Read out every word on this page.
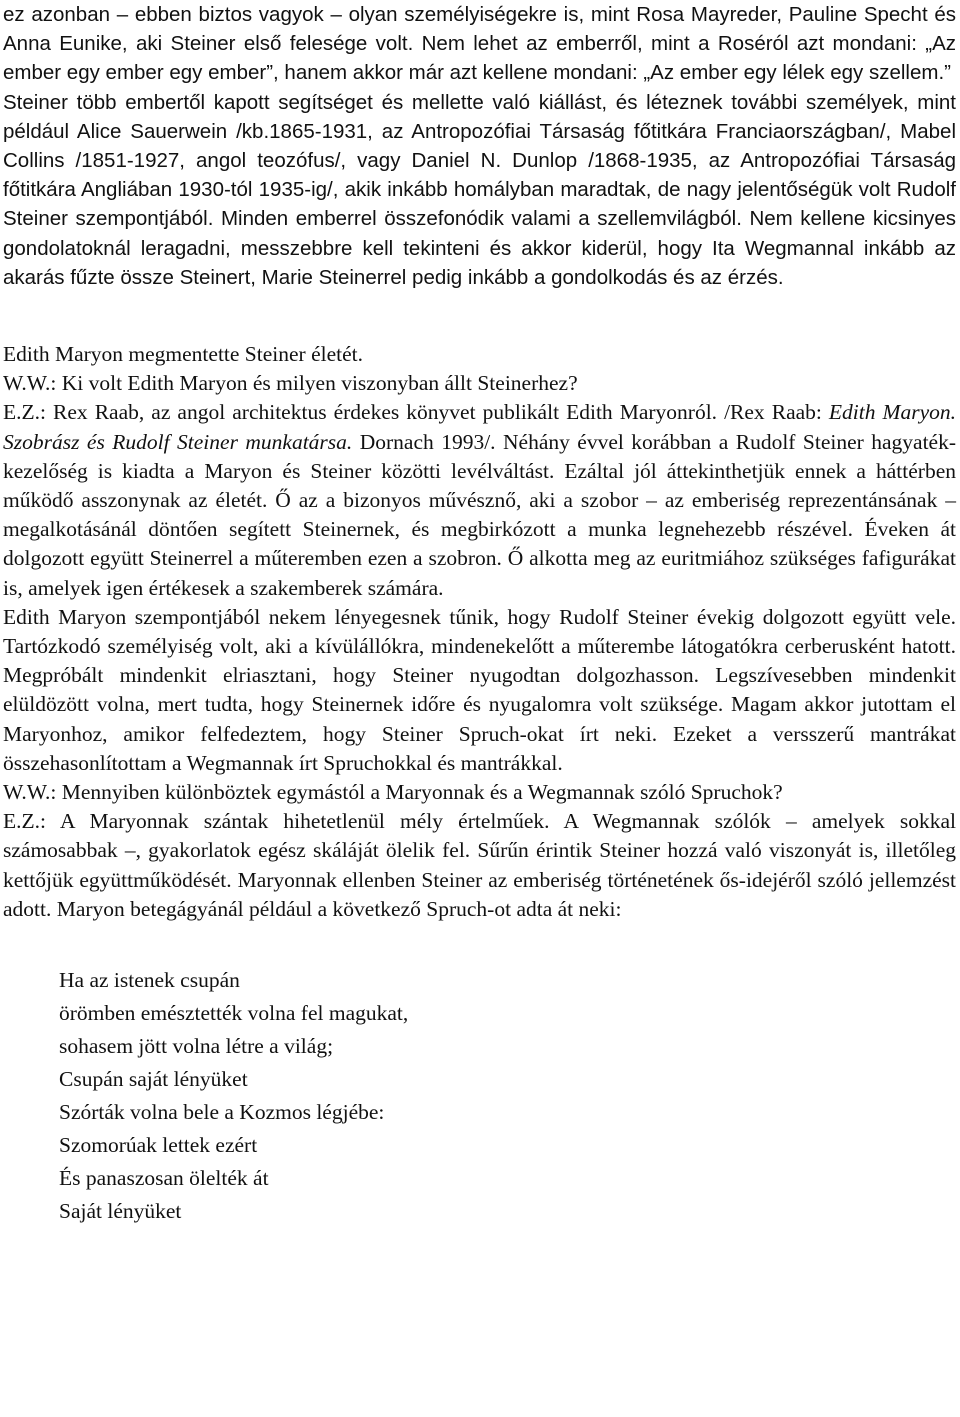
ez azonban – ebben biztos vagyok – olyan személyiségekre is, mint Rosa Mayreder, Pauline Specht és Anna Eunike, aki Steiner első felesége volt. Nem lehet az emberről, mint a Roséról azt mondani: „Az ember egy ember egy ember”, hanem akkor már azt kellene mondani: „Az ember egy lélek egy szellem.”

Steiner több embertől kapott segítséget és mellette való kiállást, és léteznek további személyek, mint például Alice Sauerwein /kb.1865-1931, az Antropozófiai Társaság főtitkára Franciaországban/, Mabel Collins /1851-1927, angol teozófus/, vagy Daniel N. Dunlop /1868-1935, az Antropozófiai Társaság főtitkára Angliában 1930-tól 1935-ig/, akik inkább homályban maradtak, de nagy jelentőségük volt Rudolf Steiner szempontjából. Minden emberrel összefonódik valami a szellemvilágból. Nem kellene kicsinyes gondolatoknál leragadni, messzebbre kell tekinteni és akkor kiderül, hogy Ita Wegmannal inkább az akarás fűzte össze Steinert, Marie Steinerrel pedig inkább a gondolkodás és az érzés.

Edith Maryon megmentette Steiner életét.

W.W.: Ki volt Edith Maryon és milyen viszonyban állt Steinerhez?

E.Z.: Rex Raab, az angol architektus érdekes könyvet publikált Edith Maryonról. /Rex Raab: Edith Maryon. Szobrász és Rudolf Steiner munkatársa. Dornach 1993/. Néhány évvel korábban a Rudolf Steiner hagyaték-kezelőség is kiadta a Maryon és Steiner közötti levélváltást. Ezáltal jól áttekinthetjük ennek a háttérben működő asszonynak az életét. Ő az a bizonyos művésznő, aki a szobor – az emberiség reprezentánsának – megalkotásánál döntően segített Steinernek, és megbirkózott a munka legnehezebb részével. Éveken át dolgozott együtt Steinerrel a műteremben ezen a szobron. Ő alkotta meg az euritmiához szükséges fafigurákat is, amelyek igen értékesek a szakemberek számára.

Edith Maryon szempontjából nekem lényegesnek tűnik, hogy Rudolf Steiner évekig dolgozott együtt vele. Tartózkodó személyiség volt, aki a kívülállókra, mindenekelőtt a műterembe látogatókra cerberusként hatott. Megpróbált mindenkit elriasztani, hogy Steiner nyugodtan dolgozhasson. Legszívesebben mindenkit elüldözött volna, mert tudta, hogy Steinernek időre és nyugalomra volt szüksége. Magam akkor jutottam el Maryonhoz, amikor felfedeztem, hogy Steiner Spruch-okat írt neki. Ezeket a versszerű mantrákat összehasonlítottam a Wegmannak írt Spruchokkal és mantrákkal.

W.W.: Mennyiben különböztek egymástól a Maryonnak és a Wegmannak szóló Spruchok?

E.Z.: A Maryonnak szántak hihetetlenül mély értelműek. A Wegmannak szólók – amelyek sokkal számosabbak –, gyakorlatok egész skáláját ölelik fel. Sűrűn érintik Steiner hozzá való viszonyát is, illetőleg kettőjük együttműködését. Maryonnak ellenben Steiner az emberiség történetének ős-idejéről szóló jellemzést adott. Maryon betegágyánál például a következő Spruch-ot adta át neki:

Ha az istenek csupán
örömben emésztették volna fel magukat,
sohasem jött volna létre a világ;
Csupán saját lényüket
Szórták volna bele a Kozmos légjébe:
Szomorúak lettek ezért
És panaszosan ölelték át
Saját lényüket
